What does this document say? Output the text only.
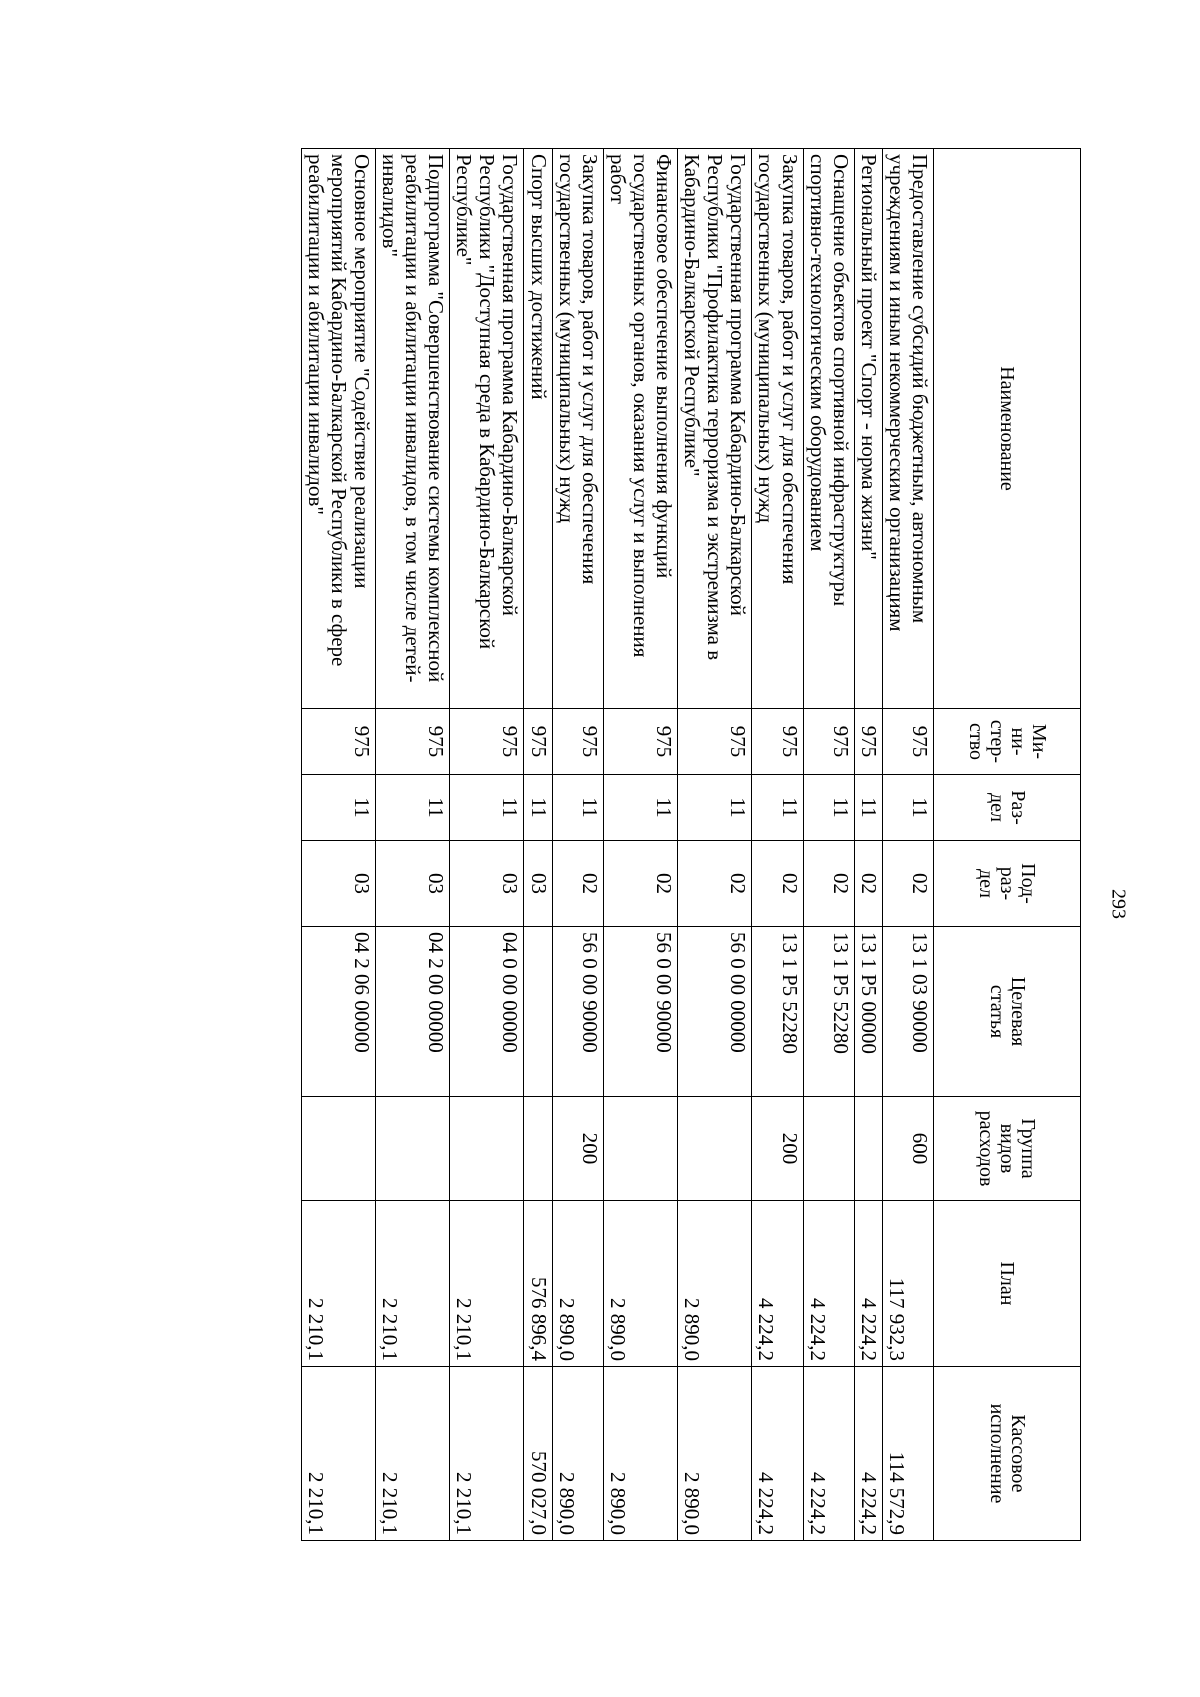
293
Наименование	Ми-
ни-
стер-
ство	Раз-
дел	Под-
раз-
дел	Целевая
статья	Группа
видов
расходов	План	Кассовое
исполнение
Предоставление субсидий бюджетным, автономным учреждениям и иным некоммерческим организациям	975	11	02	13 1 03 90000	600	117 932,3	114 572,9
Региональный проект "Спорт - норма жизни"	975	11	02	13 1 P5 00000		4 224,2	4 224,2
Оснащение объектов спортивной инфраструктуры спортивно-технологическим оборудованием	975	11	02	13 1 P5 52280		4 224,2	4 224,2
Закупка товаров, работ и услуг для обеспечения государственных (муниципальных) нужд	975	11	02	13 1 P5 52280	200	4 224,2	4 224,2
Государственная программа Кабардино-Балкарской Республики "Профилактика терроризма и экстремизма в Кабардино-Балкарской Республике"	975	11	02	56 0 00 00000		2 890,0	2 890,0
Финансовое обеспечение выполнения функций государственных органов, оказания услуг и выполнения работ	975	11	02	56 0 00 90000		2 890,0	2 890,0
Закупка товаров, работ и услуг для обеспечения государственных (муниципальных) нужд	975	11	02	56 0 00 90000	200	2 890,0	2 890,0
Спорт высших достижений	975	11	03			576 896,4	570 027,0
Государственная программа Кабардино-Балкарской Республики "Доступная среда в Кабардино-Балкарской Республике"	975	11	03	04 0 00 00000		2 210,1	2 210,1
Подпрограмма "Совершенствование системы комплексной реабилитации и абилитации инвалидов, в том числе детей-инвалидов"	975	11	03	04 2 00 00000		2 210,1	2 210,1
Основное мероприятие "Содействие реализации мероприятий Кабардино-Балкарской Республики в сфере реабилитации и абилитации инвалидов"	975	11	03	04 2 06 00000		2 210,1	2 210,1
